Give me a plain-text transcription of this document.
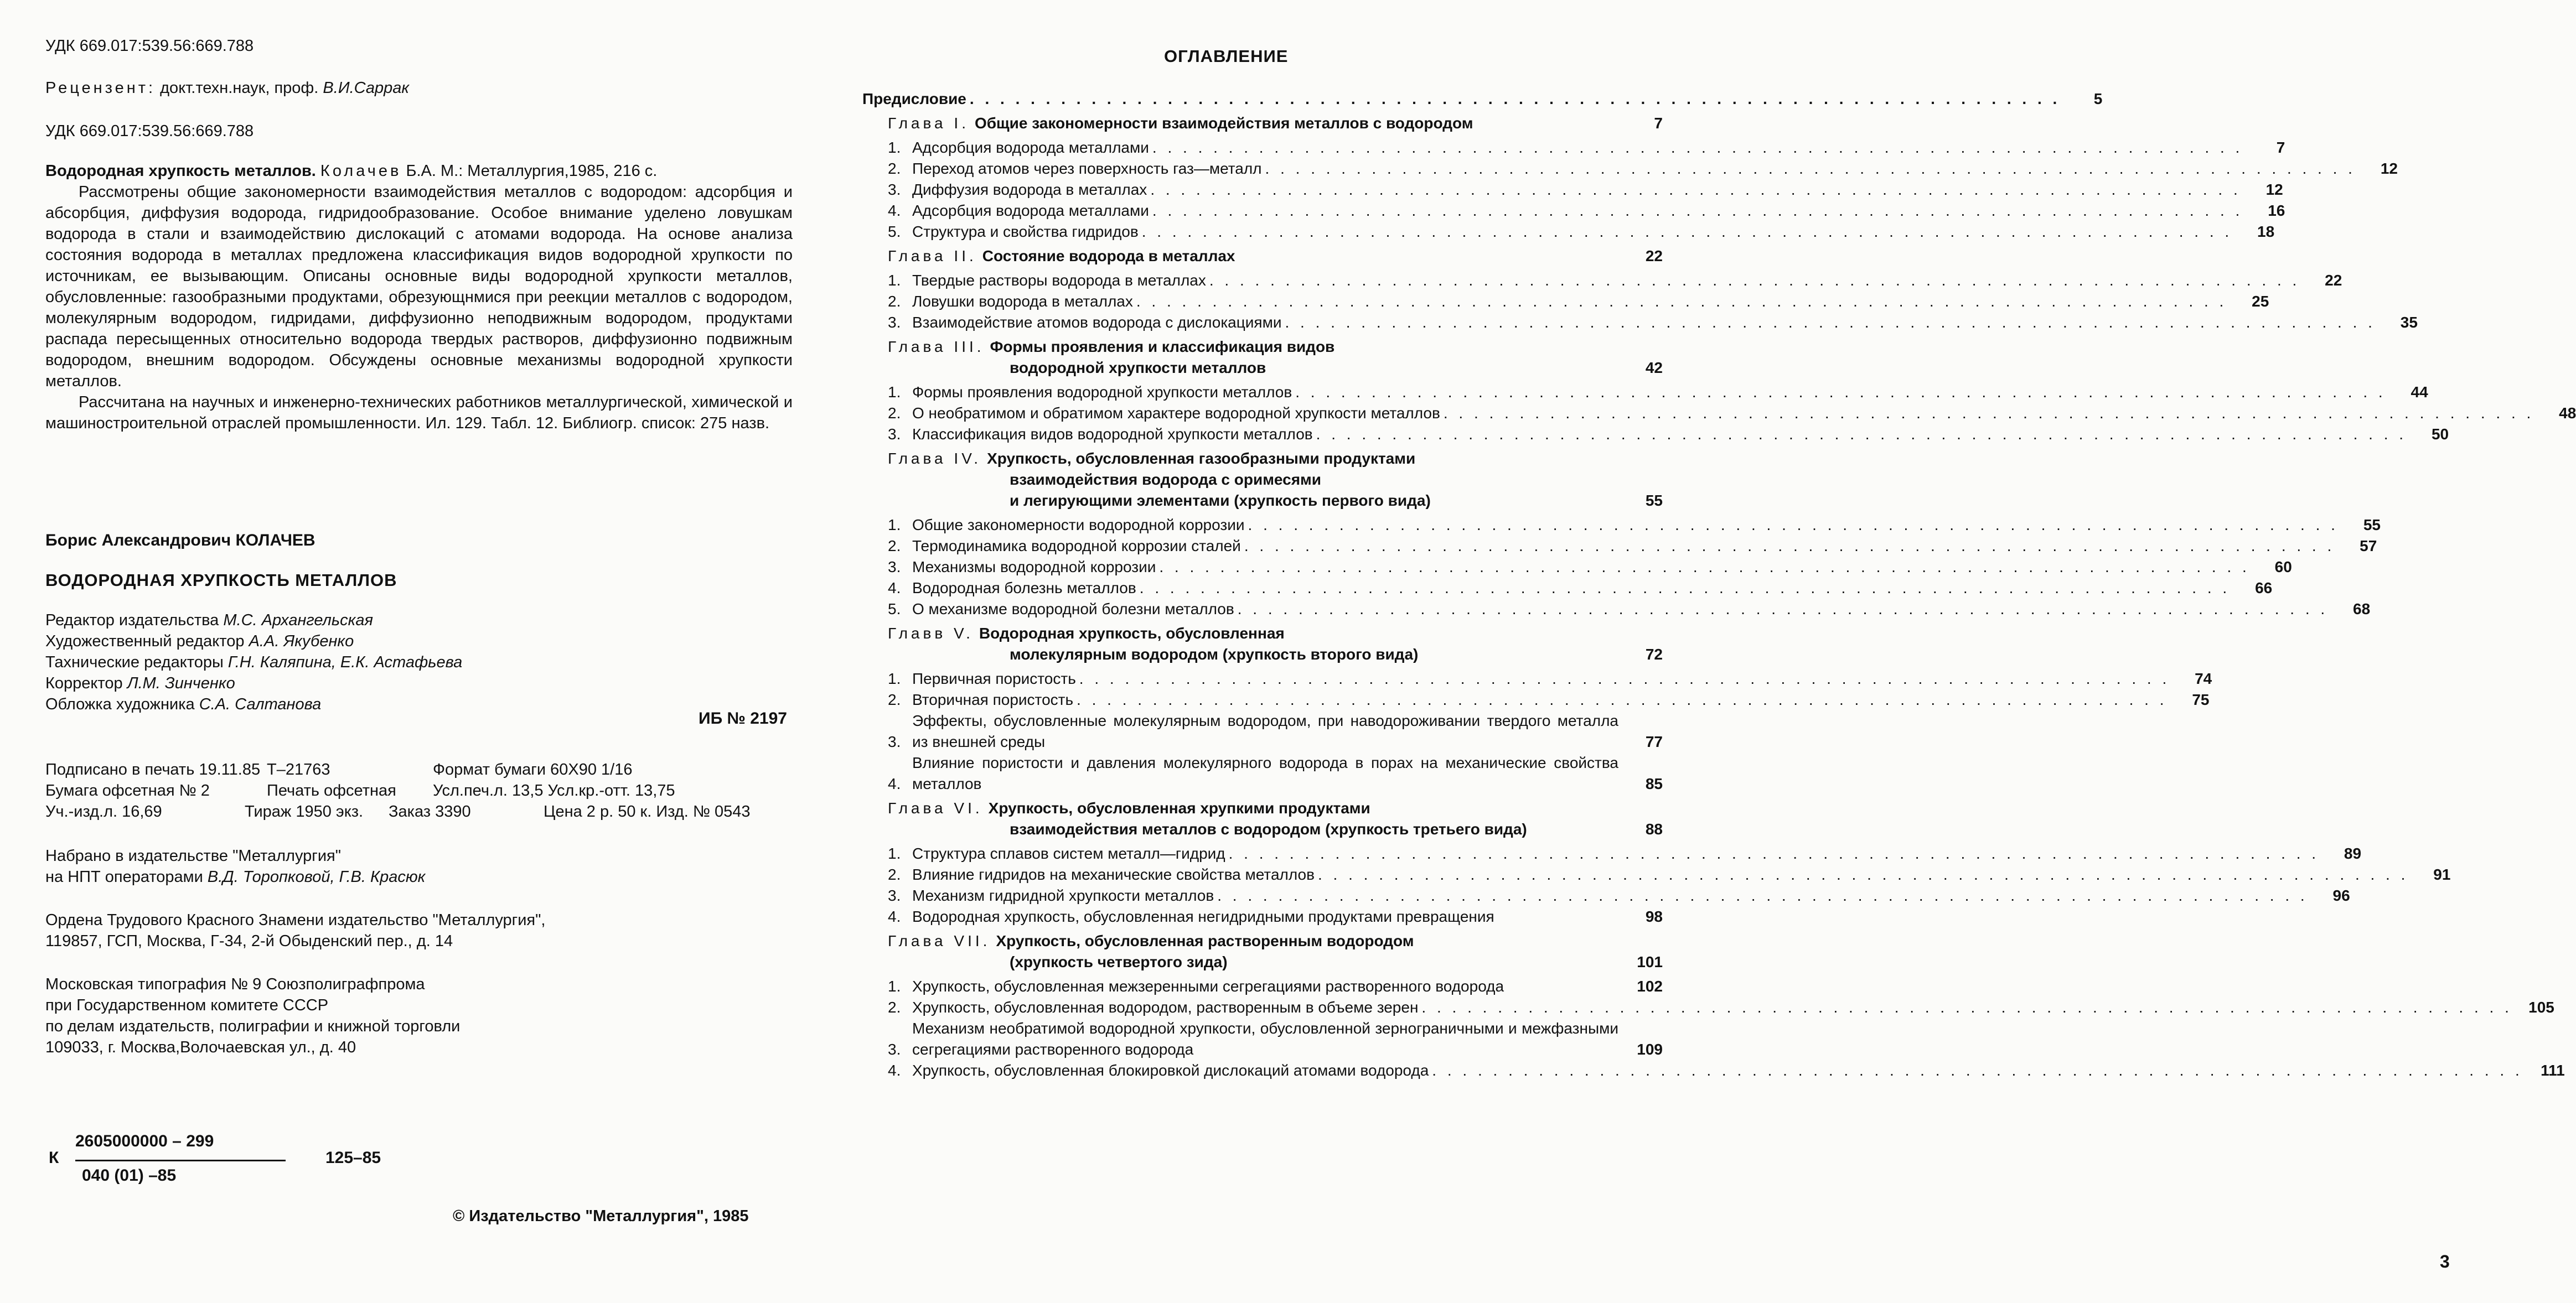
УДК 669.017:539.56:669.788
Рецензент: докт.техн.наук, проф. В.И.Саррак
УДК 669.017:539.56:669.788

Водородная хрупкость металлов. Колачев Б.А. М.: Металлургия,1985, 216 с.

Рассмотрены общие закономерности взаимодействия металлов с водородом: адсорбция и абсорбция, диффузия водорода, гидридообразование. Особое внимание уделено ловушкам водорода в стали и взаимодействию дислокаций с атомами водорода. На основе анализа состояния водорода в металлах предложена классификация видов водородной хрупкости по источникам, ее вызывающим. Описаны основные виды водородной хрупкости металлов, обусловленные: газообразными продуктами, обрезующнмися при реекции металлов с водородом, молекулярным водородом, гидридами, диффузионно неподвижным водородом, продуктами распада пересыщенных относительно водорода твердых растворов, диффузионно подвижным водородом, внешним водородом. Обсуждены основные механизмы водородной хрупкости металлов.

Рассчитана на научных и инженерно-технических работников металлургической, химической и машиностроительной отраслей промышленности. Ил. 129. Табл. 12. Библиогр. список: 275 назв.

Борис Александрович КОЛАЧЕВ
ВОДОРОДНАЯ ХРУПКОСТЬ МЕТАЛЛОВ
Редактор издательства М.С. Архангельская
Художественный редактор А.А. Якубенко
Тахнические редакторы Г.Н. Каляпина, Е.К. Астафьева
Корректор Л.М. Зинченко
Обложка художника С.А. Салтанова
ИБ № 2197
Подписано в печать 19.11.85 Т–21763	Формат бумаги 60Х90 1/16
Бумага офсетная № 2	Печать офсетная Усл.печ.л. 13,5 Усл.кр.-отт. 13,75
Уч.-изд.л. 16,69	Тираж 1950 экз. Заказ 3390	Цена 2 р. 50 к. Изд. № 0543
Набрано в издательстве "Металлургия"
на НПТ операторами В.Д. Торопковой, Г.В. Красюк
Ордена Трудового Красного Знамени издательство "Металлургия",
119857, ГСП, Москва, Г-34, 2-й Обыденский пер., д. 14
Московская типография № 9 Союзполиграфпрома
при Государственном комитете СССР
по делам издательств, полиграфии и книжной торговли
109033, г. Москва,Волочаевская ул., д. 40
К
2605000000 – 299
040 (01) –85
125–85
© Издательство "Металлургия", 1985
ОГЛАВЛЕНИЕ
Предисловие . . . . . . . . . . . . . . . . . . . . . . . . . . . . . . . . . . . . . . . . . . . . . . . . . . . . . . . . . . . . . . . . . . . . . . . .	5
Глава I. Общие закономерности взаимодействия металлов с водородом	7
1. Адсорбция водорода металлами . . . . . . . . . . . . . . . . . . . . . . . . . . . . . . . . . . . . . . . . . . . . . . . . . . . . . . . . . . . . . . . . . . . . . . . .	7
2. Переход атомов через поверхность газ—металл . . . . . . . . . . . . . . . . . . . . . . . . . . . . . . . . . . . . . . . . . . . . . . . . . . . . . . . . . . . . . . . . . . . . . . . .	12
3. Диффузия водорода в металлах . . . . . . . . . . . . . . . . . . . . . . . . . . . . . . . . . . . . . . . . . . . . . . . . . . . . . . . . . . . . . . . . . . . . . . . .	12
4. Адсорбция водорода металлами . . . . . . . . . . . . . . . . . . . . . . . . . . . . . . . . . . . . . . . . . . . . . . . . . . . . . . . . . . . . . . . . . . . . . . . .	16
5. Структура и свойства гидридов . . . . . . . . . . . . . . . . . . . . . . . . . . . . . . . . . . . . . . . . . . . . . . . . . . . . . . . . . . . . . . . . . . . . . . . .	18
Глава II. Состояние водорода в металлах	22
1. Твердые растворы водорода в металлах . . . . . . . . . . . . . . . . . . . . . . . . . . . . . . . . . . . . . . . . . . . . . . . . . . . . . . . . . . . . . . . . . . . . . . . .	22
2. Ловушки водорода в металлах . . . . . . . . . . . . . . . . . . . . . . . . . . . . . . . . . . . . . . . . . . . . . . . . . . . . . . . . . . . . . . . . . . . . . . . .	25
3. Взаимодействие атомов водорода с дислокациями . . . . . . . . . . . . . . . . . . . . . . . . . . . . . . . . . . . . . . . . . . . . . . . . . . . . . . . . . . . . . . . . . . . . . . . .	35
Глава III. Формы проявления и классификация видов
водородной хрупкости металлов	42
1. Формы проявления водородной хрупкости металлов . . . . . . . . . . . . . . . . . . . . . . . . . . . . . . . . . . . . . . . . . . . . . . . . . . . . . . . . . . . . . . . . . . . . . . . .	44
2. О необратимом и обратимом характере водородной хрупкости металлов . . . . . . . . . . . . . . . . . . . . . . . . . . . . . . . . . . . . . . . . . . . . . . . . . . . . . . . . . . . . . . . . . . . . . . . .	48
3. Классификация видов водородной хрупкости металлов . . . . . . . . . . . . . . . . . . . . . . . . . . . . . . . . . . . . . . . . . . . . . . . . . . . . . . . . . . . . . . . . . . . . . . . .	50
Глава IV. Хрупкость, обусловленная газообразными продуктами
взаимодействия водорода с оримесями
и легирующими элементами (хрупкость первого вида)	55
1. Общие закономерности водородной коррозии . . . . . . . . . . . . . . . . . . . . . . . . . . . . . . . . . . . . . . . . . . . . . . . . . . . . . . . . . . . . . . . . . . . . . . . .	55
2. Термодинамика водородной коррозии сталей . . . . . . . . . . . . . . . . . . . . . . . . . . . . . . . . . . . . . . . . . . . . . . . . . . . . . . . . . . . . . . . . . . . . . . . .	57
3. Механизмы водородной коррозии . . . . . . . . . . . . . . . . . . . . . . . . . . . . . . . . . . . . . . . . . . . . . . . . . . . . . . . . . . . . . . . . . . . . . . . .	60
4. Водородная болезнь металлов . . . . . . . . . . . . . . . . . . . . . . . . . . . . . . . . . . . . . . . . . . . . . . . . . . . . . . . . . . . . . . . . . . . . . . . .	66
5. О механизме водородной болезни металлов . . . . . . . . . . . . . . . . . . . . . . . . . . . . . . . . . . . . . . . . . . . . . . . . . . . . . . . . . . . . . . . . . . . . . . . .	68
Главв V. Водородная хрупкость, обусловленная
молекулярным водородом (хрупкость второго вида)	72
1. Первичная пористость . . . . . . . . . . . . . . . . . . . . . . . . . . . . . . . . . . . . . . . . . . . . . . . . . . . . . . . . . . . . . . . . . . . . . . . .	74
2. Вторичная пористость . . . . . . . . . . . . . . . . . . . . . . . . . . . . . . . . . . . . . . . . . . . . . . . . . . . . . . . . . . . . . . . . . . . . . . . .	75
3.
Эффекты, обусловленные молекулярным водородом, при наводороживании твердого металла из внешней среды	77
4.
Влияние пористости и давления молекулярного водорода в порах на механические свойства металлов	85
Глава VI. Хрупкость, обусловленная хрупкими продуктами
взаимодействия металлов с водородом (хрупкость третьего вида)	88
1. Структура сплавов систем металл—гидрид . . . . . . . . . . . . . . . . . . . . . . . . . . . . . . . . . . . . . . . . . . . . . . . . . . . . . . . . . . . . . . . . . . . . . . . .	89
2. Влияние гидридов на механические свойства металлов . . . . . . . . . . . . . . . . . . . . . . . . . . . . . . . . . . . . . . . . . . . . . . . . . . . . . . . . . . . . . . . . . . . . . . . .	91
3. Механизм гидридной хрупкости металлов . . . . . . . . . . . . . . . . . . . . . . . . . . . . . . . . . . . . . . . . . . . . . . . . . . . . . . . . . . . . . . . . . . . . . . . .	96
4. Водородная хрупкость, обусловленная негидридными продуктами превращения	98
Глава VII. Хрупкость, обусловленная растворенным водородом
(хрупкость четвертого зида)	101
1. Хрупкость, обусловленная межзеренными сегрегациями растворенного водорода	102
2. Хрупкость, обусловленная водородом, растворенным в объеме зерен . . . . . . . . . . . . . . . . . . . . . . . . . . . . . . . . . . . . . . . . . . . . . . . . . . . . . . . . . . . . . . . . . . . . . . . .	105
3.
Механизм необратимой водородной хрупкости, обусловленной зернограничными и межфазными сегрегациями растворенного водорода	109
4. Хрупкость, обусловленная блокировкой дислокаций атомами водорода . . . . . . . . . . . . . . . . . . . . . . . . . . . . . . . . . . . . . . . . . . . . . . . . . . . . . . . . . . . . . . . . . . . . . . . .	111
3
